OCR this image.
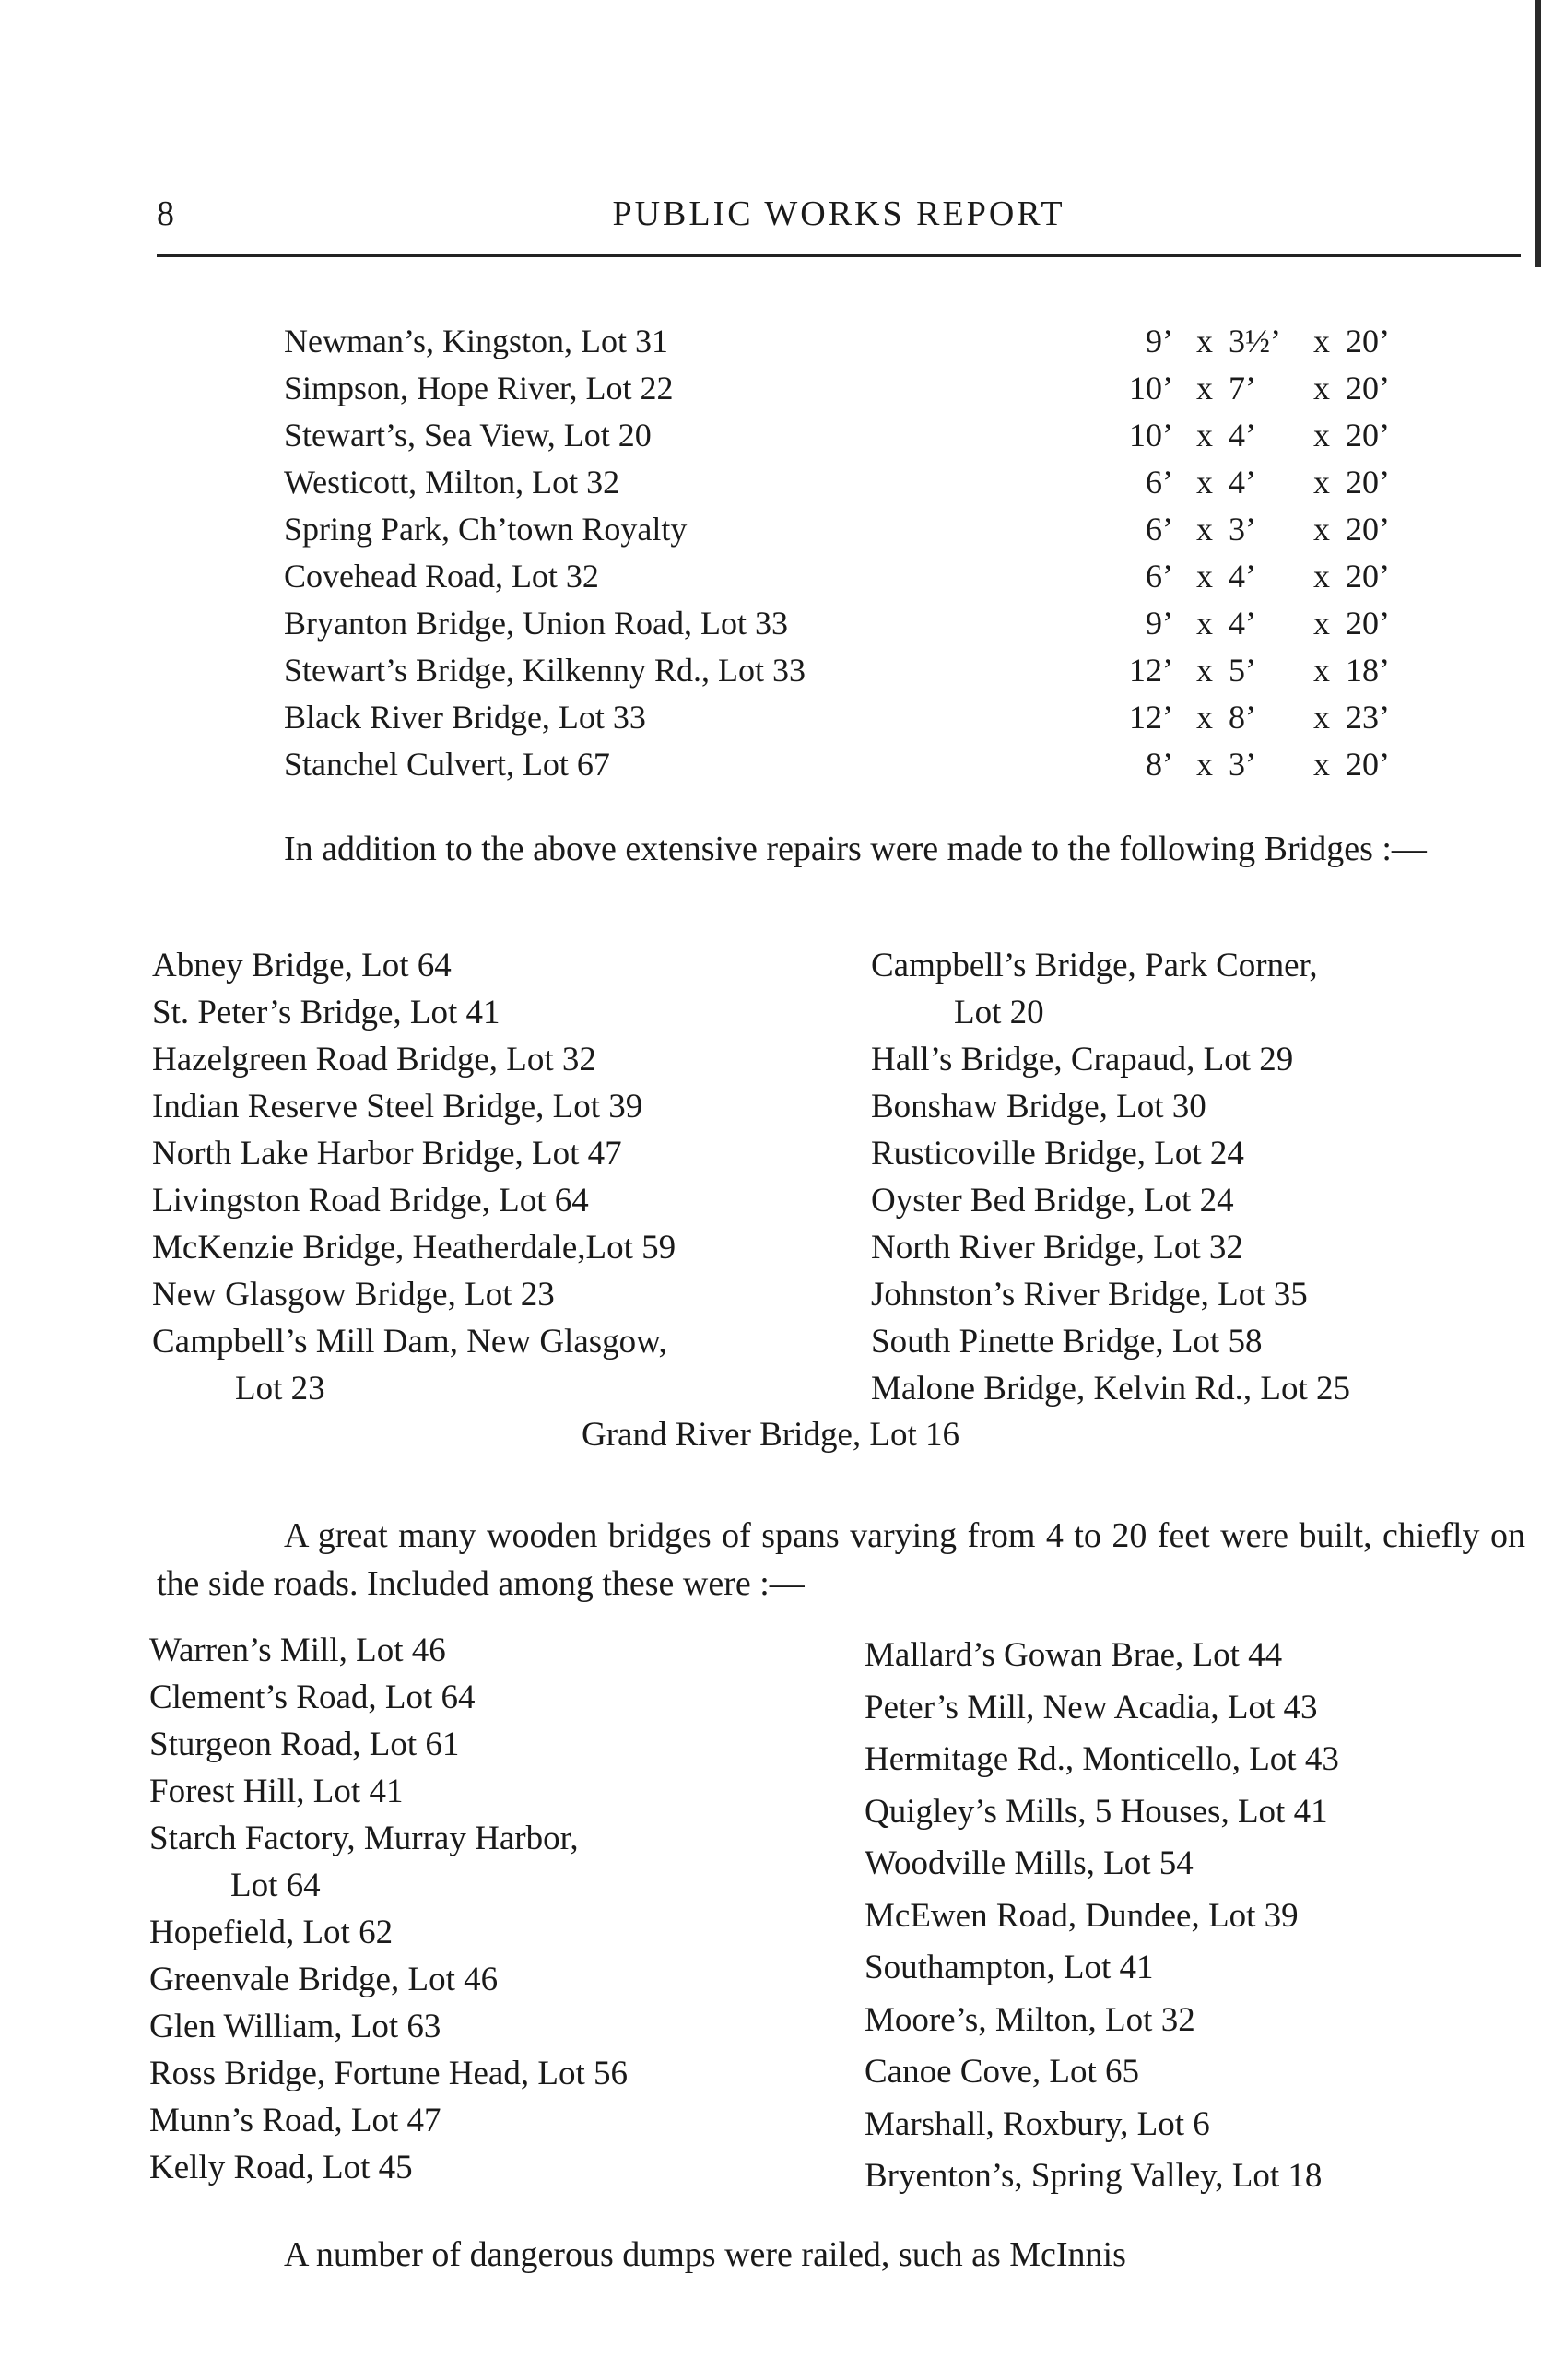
8	PUBLIC WORKS REPORT
Newman’s, Kingston, Lot 31	9’ x 3½’ x 20’
Simpson, Hope River, Lot 22	10’ x 7’	x 20’
Stewart’s, Sea View, Lot 20	10’ x 4’	x 20’
Westicott, Milton, Lot 32	6’ x 4’	x 20’
Spring Park, Ch’town Royalty	6’ x 3’	x 20’
Covehead Road, Lot 32	6’ x 4’	x 20’
Bryanton Bridge, Union Road, Lot 33	9’ x 4’	x 20’
Stewart’s Bridge, Kilkenny Rd., Lot 33	12’ x 5’	x 18’
Black River Bridge, Lot 33	12’ x 8’	x 23’
Stanchel Culvert, Lot 67	8’ x 3’	x 20’
In addition to the above extensive repairs were made to the following Bridges :—
Abney Bridge, Lot 64
St. Peter’s Bridge, Lot 41
Hazelgreen Road Bridge, Lot 32
Indian Reserve Steel Bridge, Lot 39
North Lake Harbor Bridge, Lot 47
Livingston Road Bridge, Lot 64
McKenzie Bridge, Heatherdale,Lot 59
New Glasgow Bridge, Lot 23
Campbell’s Mill Dam, New Glasgow,
Lot 23
Campbell’s Bridge, Park Corner,
Lot 20
Hall’s Bridge, Crapaud, Lot 29
Bonshaw Bridge, Lot 30
Rusticoville Bridge, Lot 24
Oyster Bed Bridge, Lot 24
North River Bridge, Lot 32
Johnston’s River Bridge, Lot 35
South Pinette Bridge, Lot 58
Malone Bridge, Kelvin Rd., Lot 25
Grand River Bridge, Lot 16
A great many wooden bridges of spans varying from 4 to 20 feet were built, chiefly on the side roads. Included among these were :—
Warren’s Mill, Lot 46
Clement’s Road, Lot 64
Sturgeon Road, Lot 61
Forest Hill, Lot 41
Starch Factory, Murray Harbor,
Lot 64
Hopefield, Lot 62
Greenvale Bridge, Lot 46
Glen William, Lot 63
Ross Bridge, Fortune Head, Lot 56
Munn’s Road, Lot 47
Kelly Road, Lot 45
Mallard’s Gowan Brae, Lot 44
Peter’s Mill, New Acadia, Lot 43
Hermitage Rd., Monticello, Lot 43
Quigley’s Mills, 5 Houses, Lot 41
Woodville Mills, Lot 54
McEwen Road, Dundee, Lot 39
Southampton, Lot 41
Moore’s, Milton, Lot 32
Canoe Cove, Lot 65
Marshall, Roxbury, Lot 6
Bryenton’s, Spring Valley, Lot 18
A number of dangerous dumps were railed, such as McInnis
